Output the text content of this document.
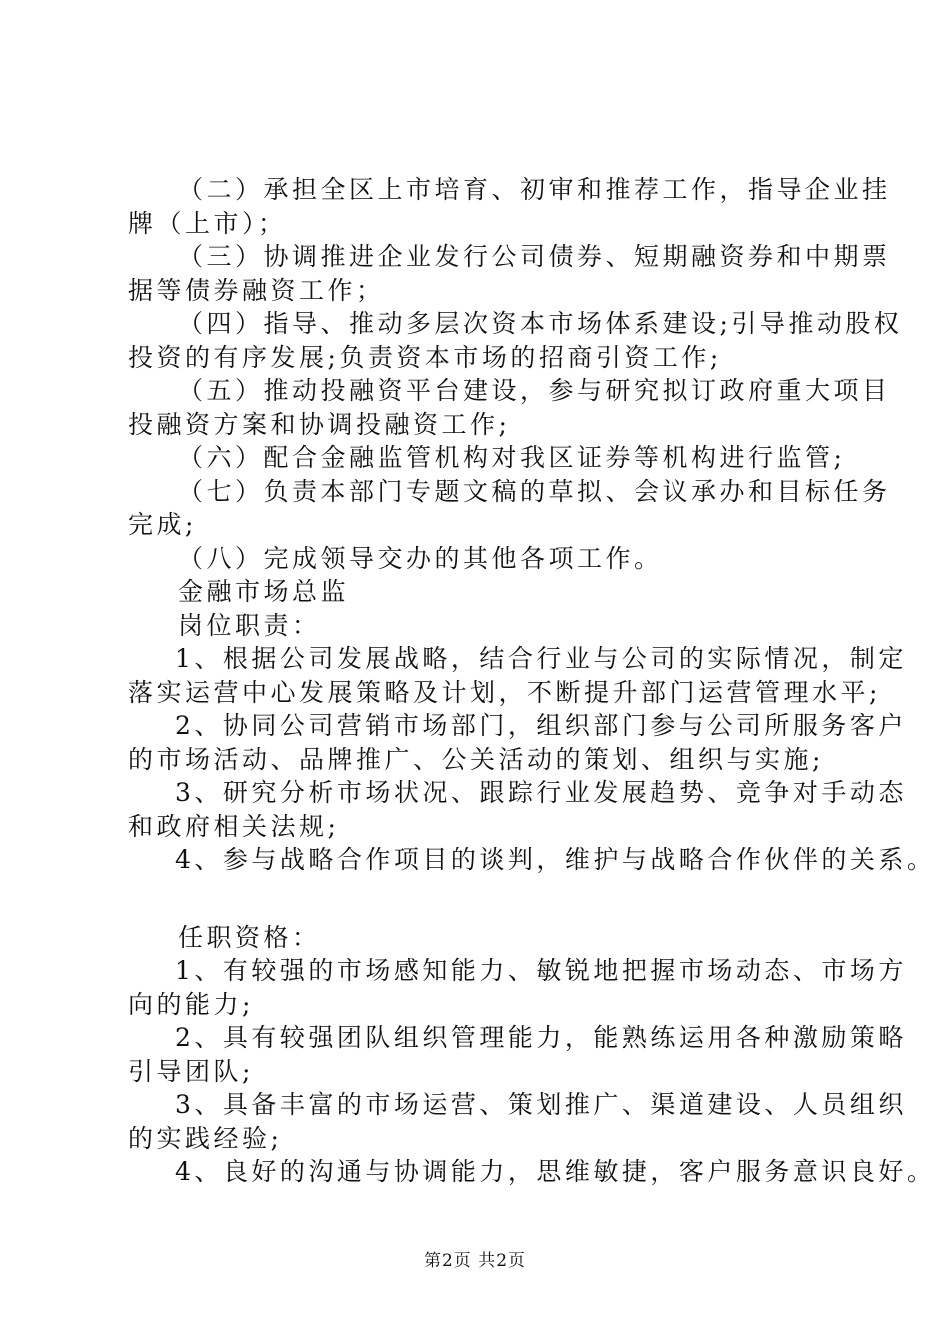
（二）承担全区上市培育、初审和推荐工作，指导企业挂
牌（上市）；
（三）协调推进企业发行公司债券、短期融资券和中期票
据等债券融资工作；
（四）指导、推动多层次资本市场体系建设;引导推动股权
投资的有序发展;负责资本市场的招商引资工作;
（五）推动投融资平台建设，参与研究拟订政府重大项目
投融资方案和协调投融资工作;
（六）配合金融监管机构对我区证券等机构进行监管;
（七）负责本部门专题文稿的草拟、会议承办和目标任务
完成;
（八）完成领导交办的其他各项工作。
金融市场总监
岗位职责：
1、根据公司发展战略，结合行业与公司的实际情况，制定
落实运营中心发展策略及计划，不断提升部门运营管理水平;
2、协同公司营销市场部门，组织部门参与公司所服务客户
的市场活动、品牌推广、公关活动的策划、组织与实施;
3、研究分析市场状况、跟踪行业发展趋势、竞争对手动态
和政府相关法规;
4、参与战略合作项目的谈判，维护与战略合作伙伴的关系。
任职资格：
1、有较强的市场感知能力、敏锐地把握市场动态、市场方
向的能力;
2、具有较强团队组织管理能力，能熟练运用各种激励策略
引导团队;
3、具备丰富的市场运营、策划推广、渠道建设、人员组织
的实践经验;
4、良好的沟通与协调能力，思维敏捷，客户服务意识良好。
第2页 共2页
